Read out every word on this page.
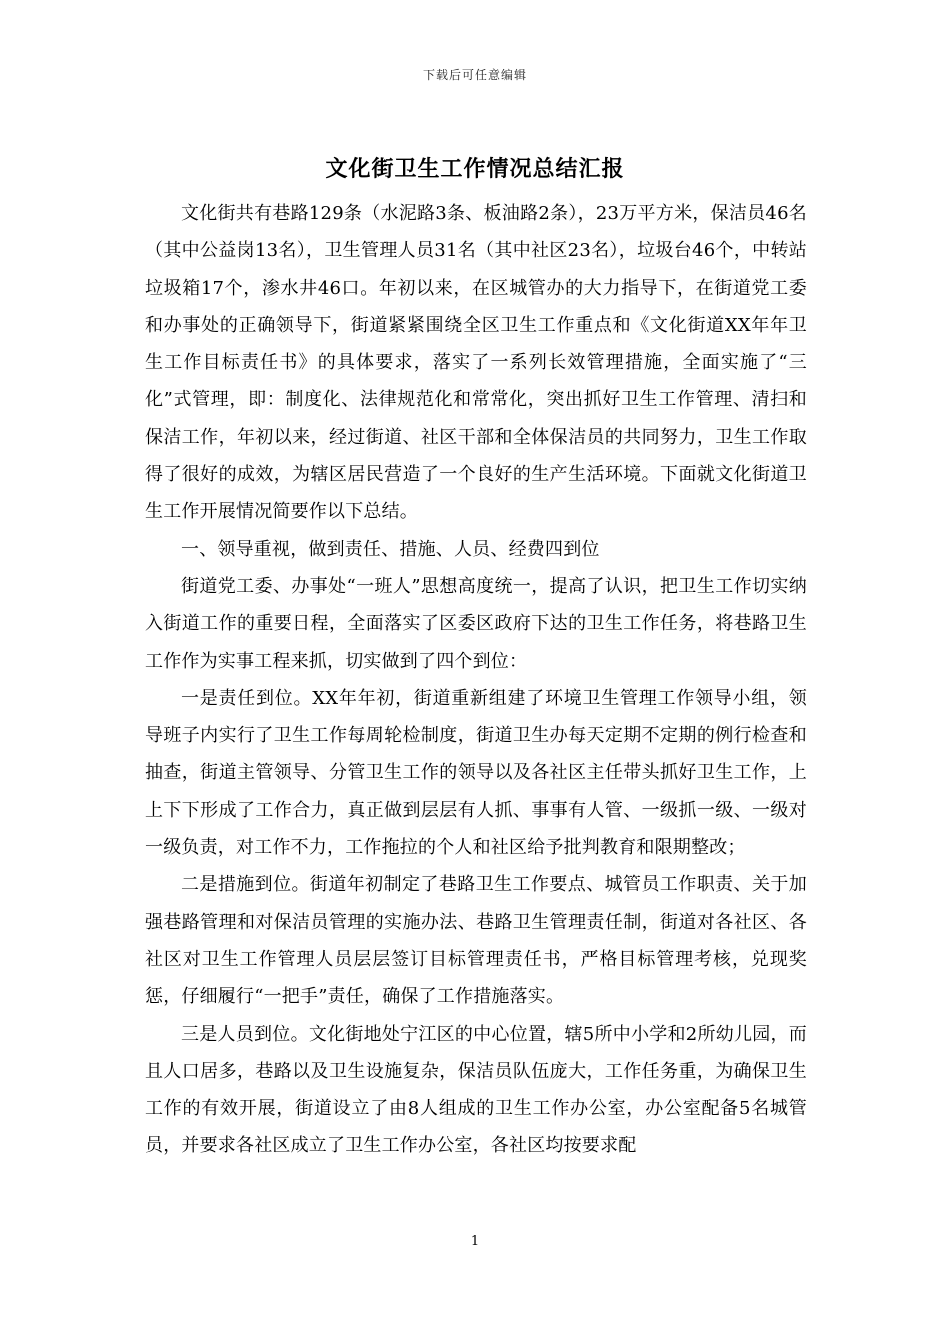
下载后可任意编辑
文化街卫生工作情况总结汇报

文化街共有巷路129条（水泥路3条、板油路2条），23万平方米，保洁员46名（其中公益岗13名），卫生管理人员31名（其中社区23名），垃圾台46个，中转站垃圾箱17个，渗水井46口。年初以来，在区城管办的大力指导下，在街道党工委和办事处的正确领导下，街道紧紧围绕全区卫生工作重点和《文化街道XX年年卫生工作目标责任书》的具体要求，落实了一系列长效管理措施，全面实施了“三化”式管理，即：制度化、法律规范化和常常化，突出抓好卫生工作管理、清扫和保洁工作，年初以来，经过街道、社区干部和全体保洁员的共同努力，卫生工作取得了很好的成效，为辖区居民营造了一个良好的生产生活环境。下面就文化街道卫生工作开展情况简要作以下总结。

一、领导重视，做到责任、措施、人员、经费四到位

街道党工委、办事处“一班人”思想高度统一，提高了认识，把卫生工作切实纳入街道工作的重要日程，全面落实了区委区政府下达的卫生工作任务，将巷路卫生工作作为实事工程来抓，切实做到了四个到位：

一是责任到位。XX年年初，街道重新组建了环境卫生管理工作领导小组，领导班子内实行了卫生工作每周轮检制度，街道卫生办每天定期不定期的例行检查和抽查，街道主管领导、分管卫生工作的领导以及各社区主任带头抓好卫生工作，上上下下形成了工作合力，真正做到层层有人抓、事事有人管、一级抓一级、一级对一级负责，对工作不力，工作拖拉的个人和社区给予批判教育和限期整改；

二是措施到位。街道年初制定了巷路卫生工作要点、城管员工作职责、关于加强巷路管理和对保洁员管理的实施办法、巷路卫生管理责任制，街道对各社区、各社区对卫生工作管理人员层层签订目标管理责任书，严格目标管理考核，兑现奖惩，仔细履行“一把手”责任，确保了工作措施落实。

三是人员到位。文化街地处宁江区的中心位置，辖5所中小学和2所幼儿园，而且人口居多，巷路以及卫生设施复杂，保洁员队伍庞大，工作任务重，为确保卫生工作的有效开展，街道设立了由8人组成的卫生工作办公室，办公室配备5名城管员，并要求各社区成立了卫生工作办公室，各社区均按要求配

1
